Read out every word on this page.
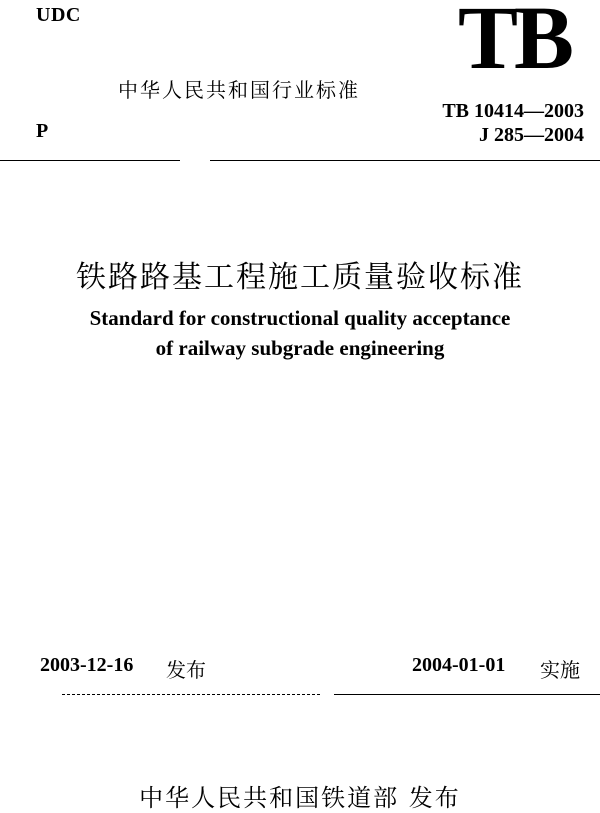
UDC
中华人民共和国行业标准
P
TB
TB 10414—2003
J 285—2004
铁路路基工程施工质量验收标准
Standard for constructional quality acceptance
of railway subgrade engineering
2003-12-16 发布	2004-01-01 实施
中华人民共和国铁道部 发布
